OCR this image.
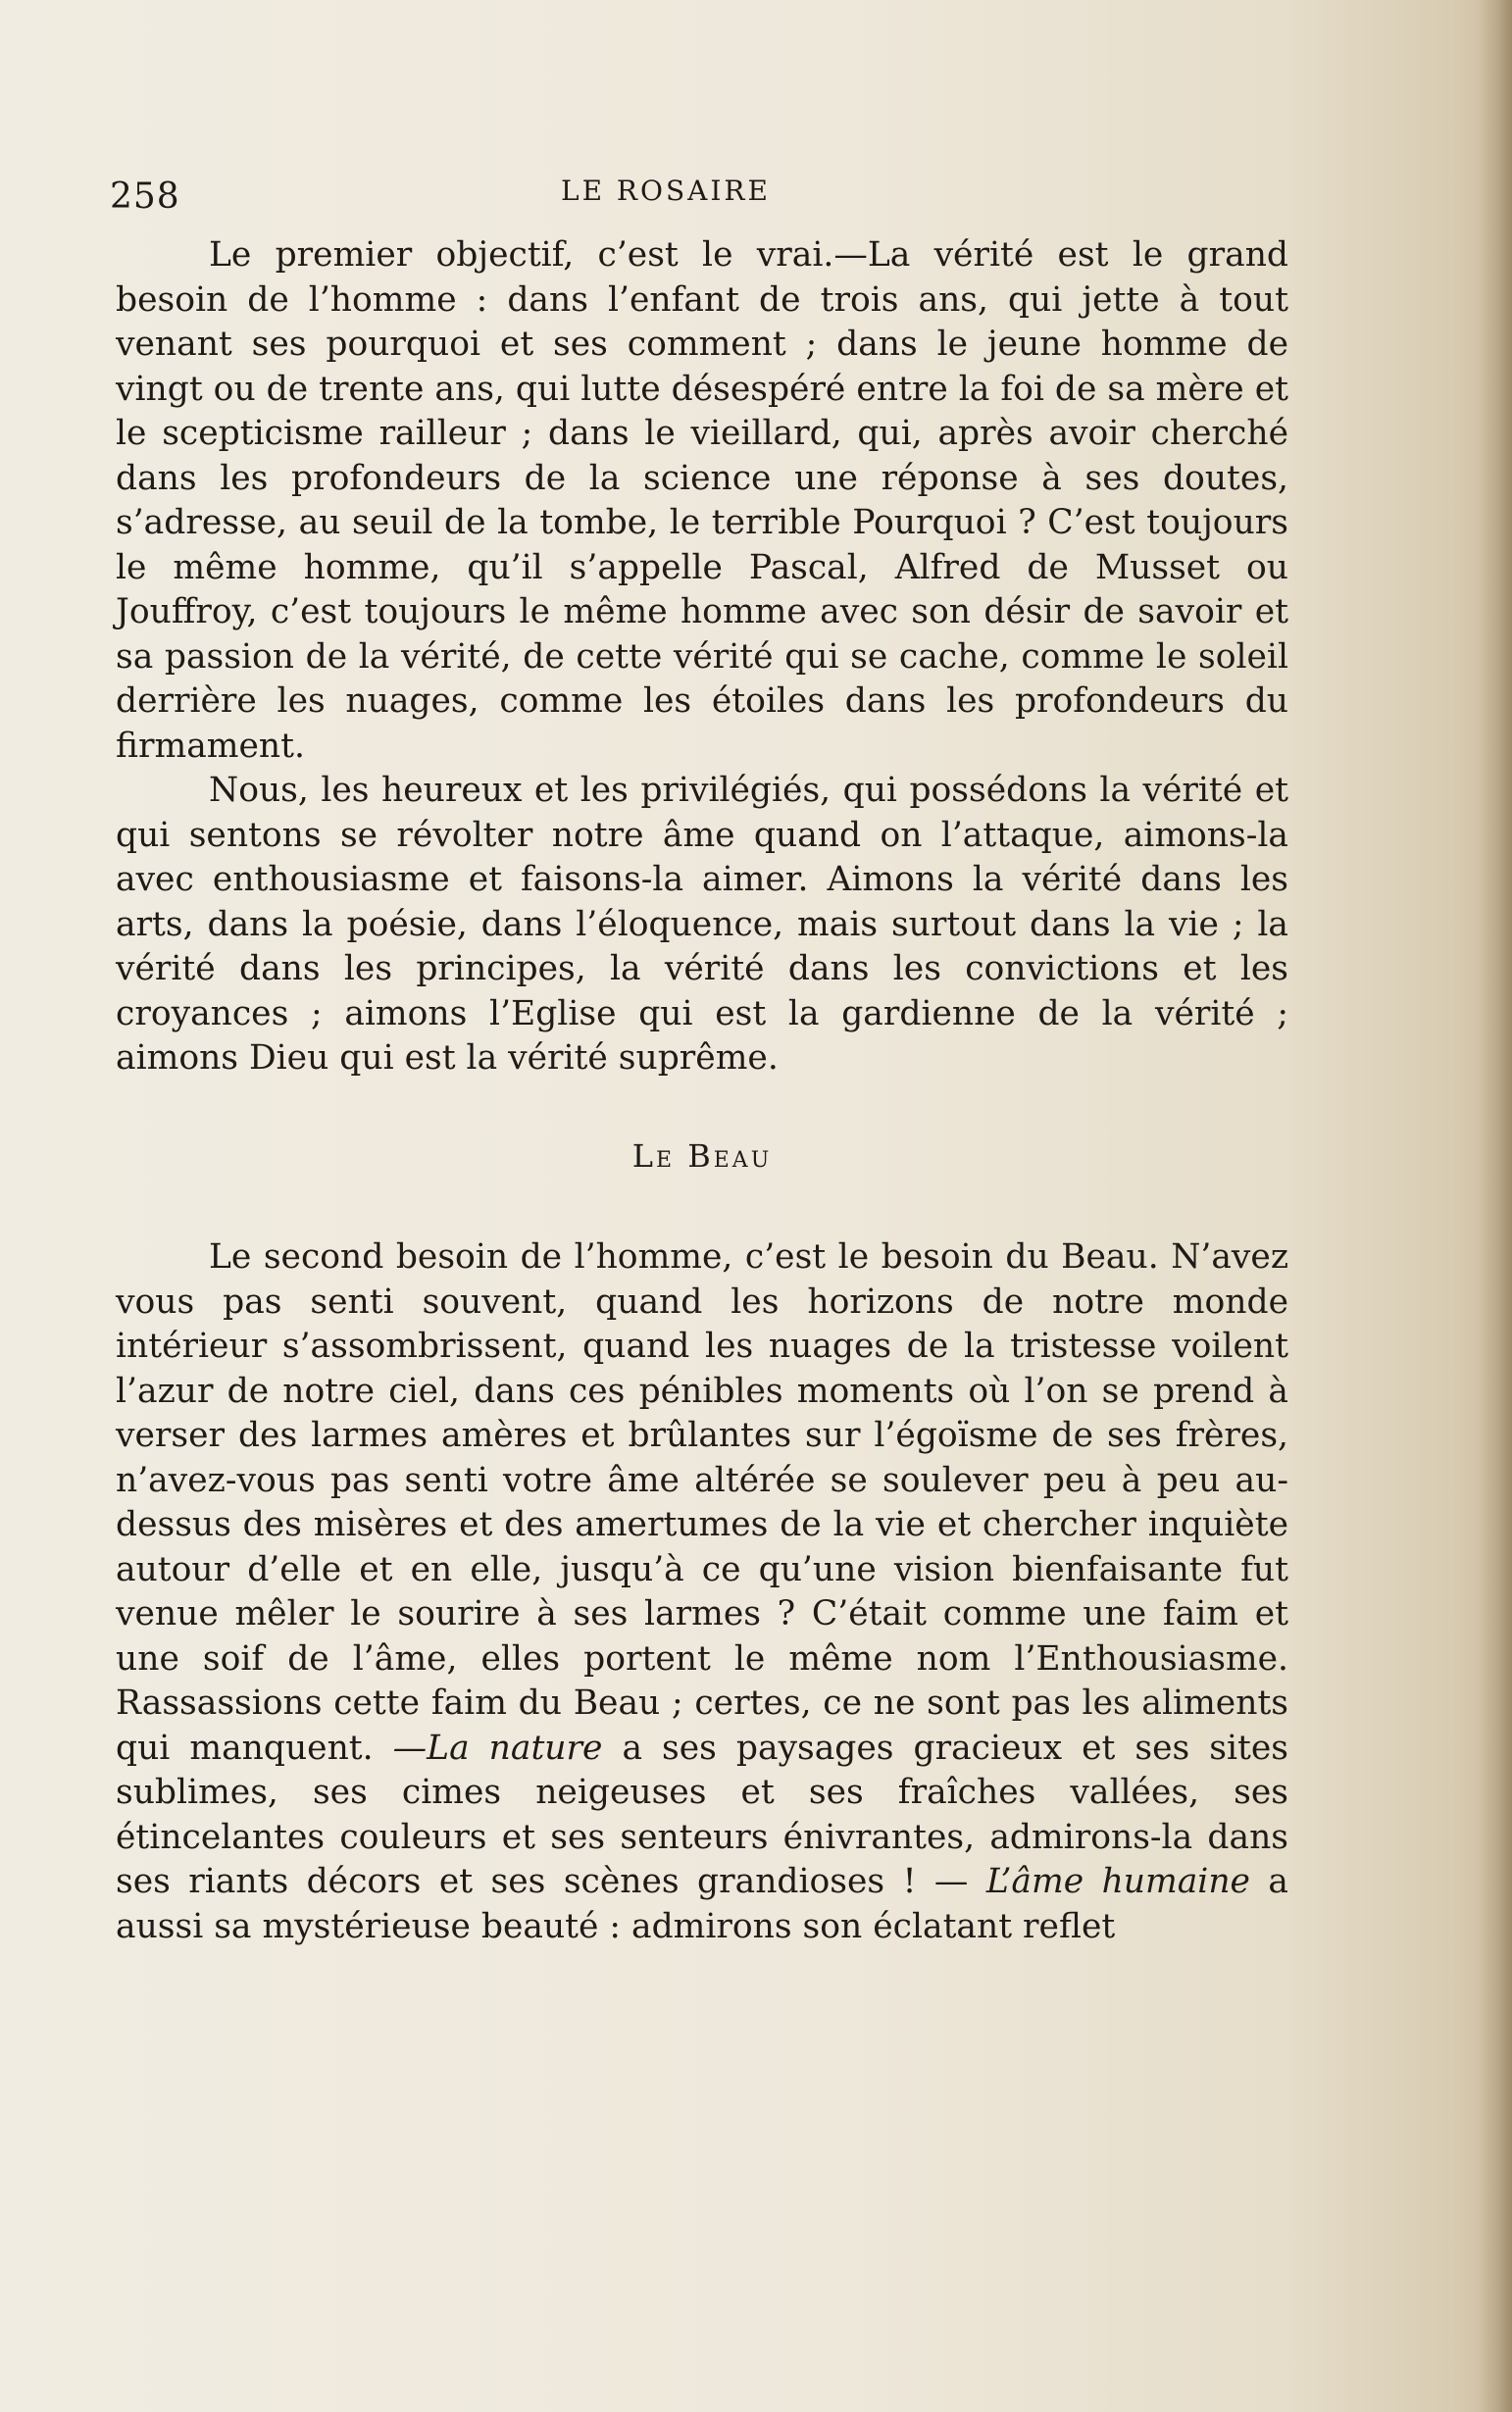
258	LE ROSAIRE

Le premier objectif, c’est le vrai.—La vérité est le grand besoin de l’homme : dans l’enfant de trois ans, qui jette à tout venant ses pourquoi et ses comment ; dans le jeune homme de vingt ou de trente ans, qui lutte désespéré entre la foi de sa mère et le scepticisme railleur ; dans le vieillard, qui, après avoir cherché dans les profondeurs de la science une réponse à ses doutes, s’adresse, au seuil de la tombe, le terrible Pourquoi ? C’est toujours le même homme, qu’il s’appelle Pascal, Alfred de Musset ou Jouffroy, c’est toujours le même homme avec son désir de savoir et sa passion de la vérité, de cette vérité qui se cache, comme le soleil derrière les nuages, comme les étoiles dans les profondeurs du firmament.

Nous, les heureux et les privilégiés, qui possédons la vérité et qui sentons se révolter notre âme quand on l’attaque, aimons-la avec enthousiasme et faisons-la aimer. Aimons la vérité dans les arts, dans la poésie, dans l’éloquence, mais surtout dans la vie ; la vérité dans les principes, la vérité dans les convictions et les croyances ; aimons l’Eglise qui est la gardienne de la vérité ; aimons Dieu qui est la vérité suprême.

Le Beau

Le second besoin de l’homme, c’est le besoin du Beau. N’avez vous pas senti souvent, quand les horizons de notre monde intérieur s’assombrissent, quand les nuages de la tristesse voilent l’azur de notre ciel, dans ces pénibles moments où l’on se prend à verser des larmes amères et brûlantes sur l’égoïsme de ses frères, n’avez-vous pas senti votre âme altérée se soulever peu à peu au-dessus des misères et des amertumes de la vie et chercher inquiète autour d’elle et en elle, jusqu’à ce qu’une vision bienfaisante fut venue mêler le sourire à ses larmes ? C’était comme une faim et une soif de l’âme, elles portent le même nom l’Enthousiasme. Rassassions cette faim du Beau ; certes, ce ne sont pas les aliments qui manquent. —La nature a ses paysages gracieux et ses sites sublimes, ses cimes neigeuses et ses fraîches vallées, ses étincelantes couleurs et ses senteurs énivrantes, admirons-la dans ses riants décors et ses scènes grandioses ! — L’âme humaine a aussi sa mystérieuse beauté : admirons son éclatant reflet
